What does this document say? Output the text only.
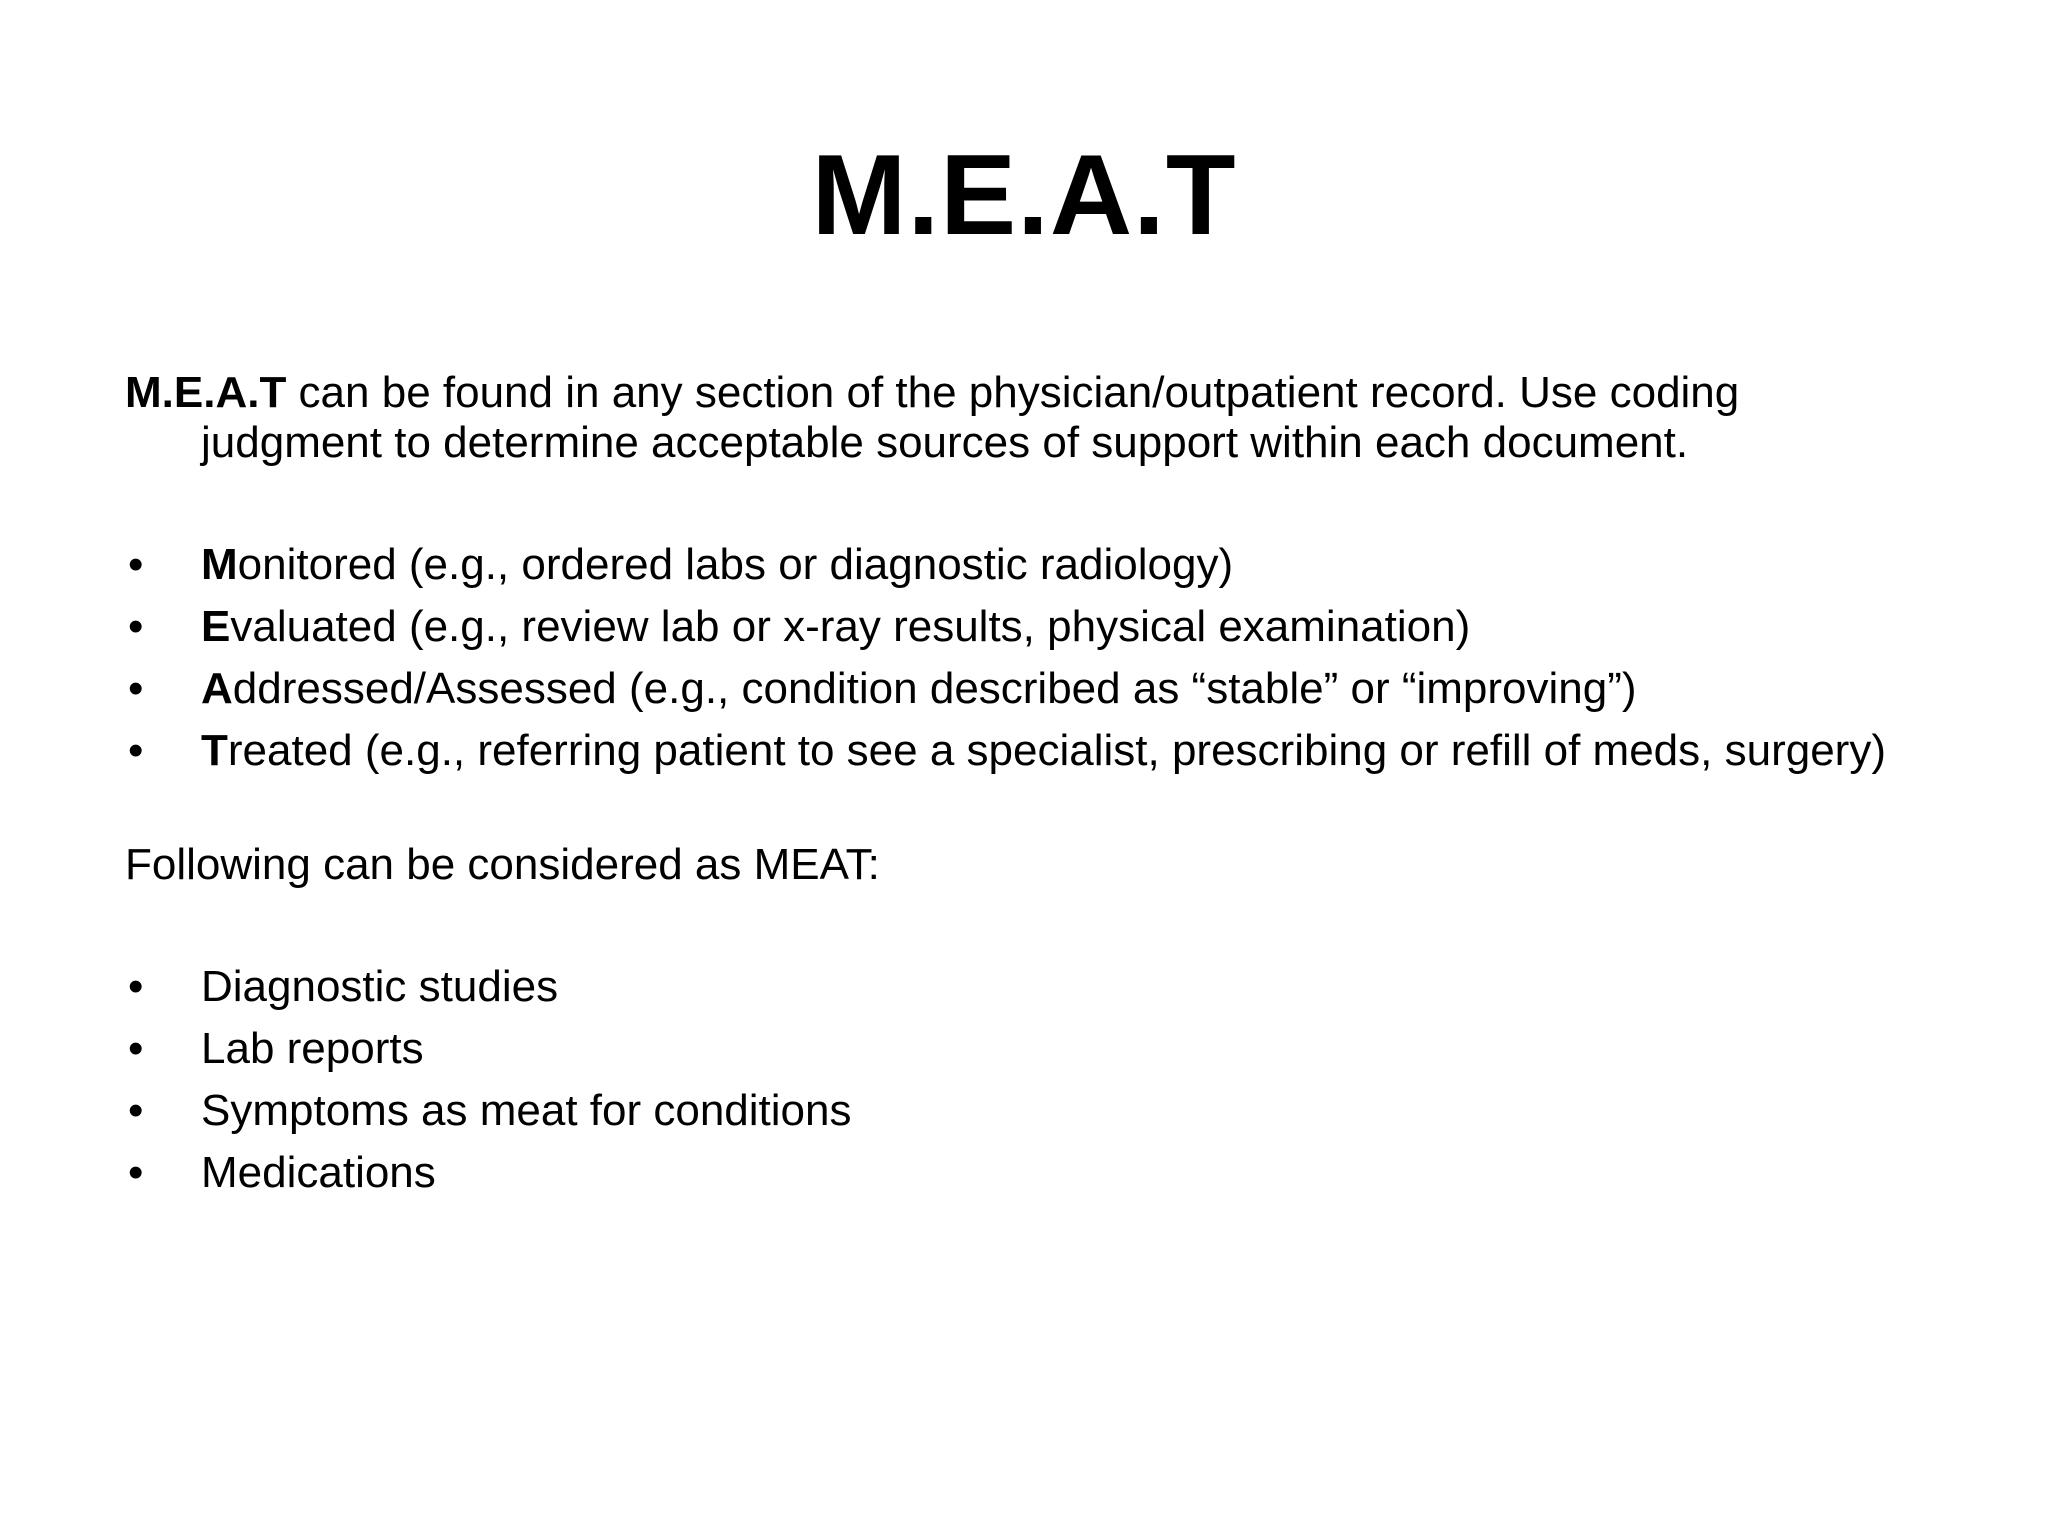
M.E.A.T

M.E.A.T can be found in any section of the physician/outpatient record. Use coding judgment to determine acceptable sources of support within each document.

• Monitored (e.g., ordered labs or diagnostic radiology)
• Evaluated (e.g., review lab or x-ray results, physical examination)
• Addressed/Assessed (e.g., condition described as “stable” or “improving”)
• Treated (e.g., referring patient to see a specialist, prescribing or refill of meds, surgery)

Following can be considered as MEAT:

• Diagnostic studies
• Lab reports
• Symptoms as meat for conditions
• Medications
